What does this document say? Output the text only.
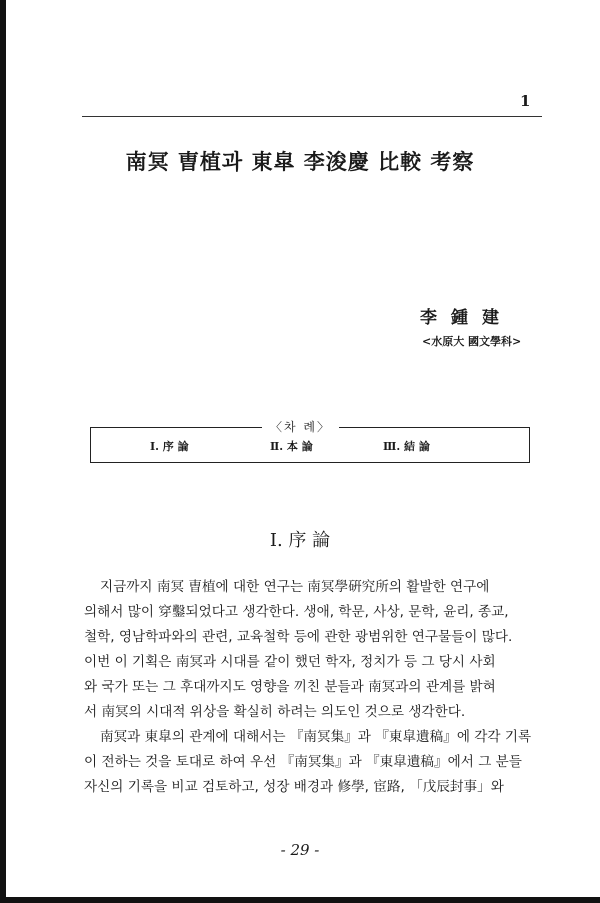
1
南冥 曺植과 東皐 李浚慶 比較 考察
李鍾建
<水原大 國文學科>
〈차 례〉
Ⅰ. 序 論	Ⅱ. 本 論	Ⅲ. 結 論
Ⅰ. 序 論
지금까지 南冥 曺植에 대한 연구는 南冥學硏究所의 활발한 연구에
의해서 많이 穿鑿되었다고 생각한다. 생애, 학문, 사상, 문학, 윤리, 종교,
철학, 영남학파와의 관련, 교육철학 등에 관한 광범위한 연구물들이 많다.
이번 이 기획은 南冥과 시대를 같이 했던 학자, 정치가 등 그 당시 사회
와 국가 또는 그 후대까지도 영향을 끼친 분들과 南冥과의 관계를 밝혀
서 南冥의 시대적 위상을 확실히 하려는 의도인 것으로 생각한다.
南冥과 東皐의 관계에 대해서는 『南冥集』과 『東皐遺稿』에 각각 기록
이 전하는 것을 토대로 하여 우선 『南冥集』과 『東皐遺稿』에서 그 분들
자신의 기록을 비교 검토하고, 성장 배경과 修學, 宦路, 「戊辰封事」와
- 29 -
